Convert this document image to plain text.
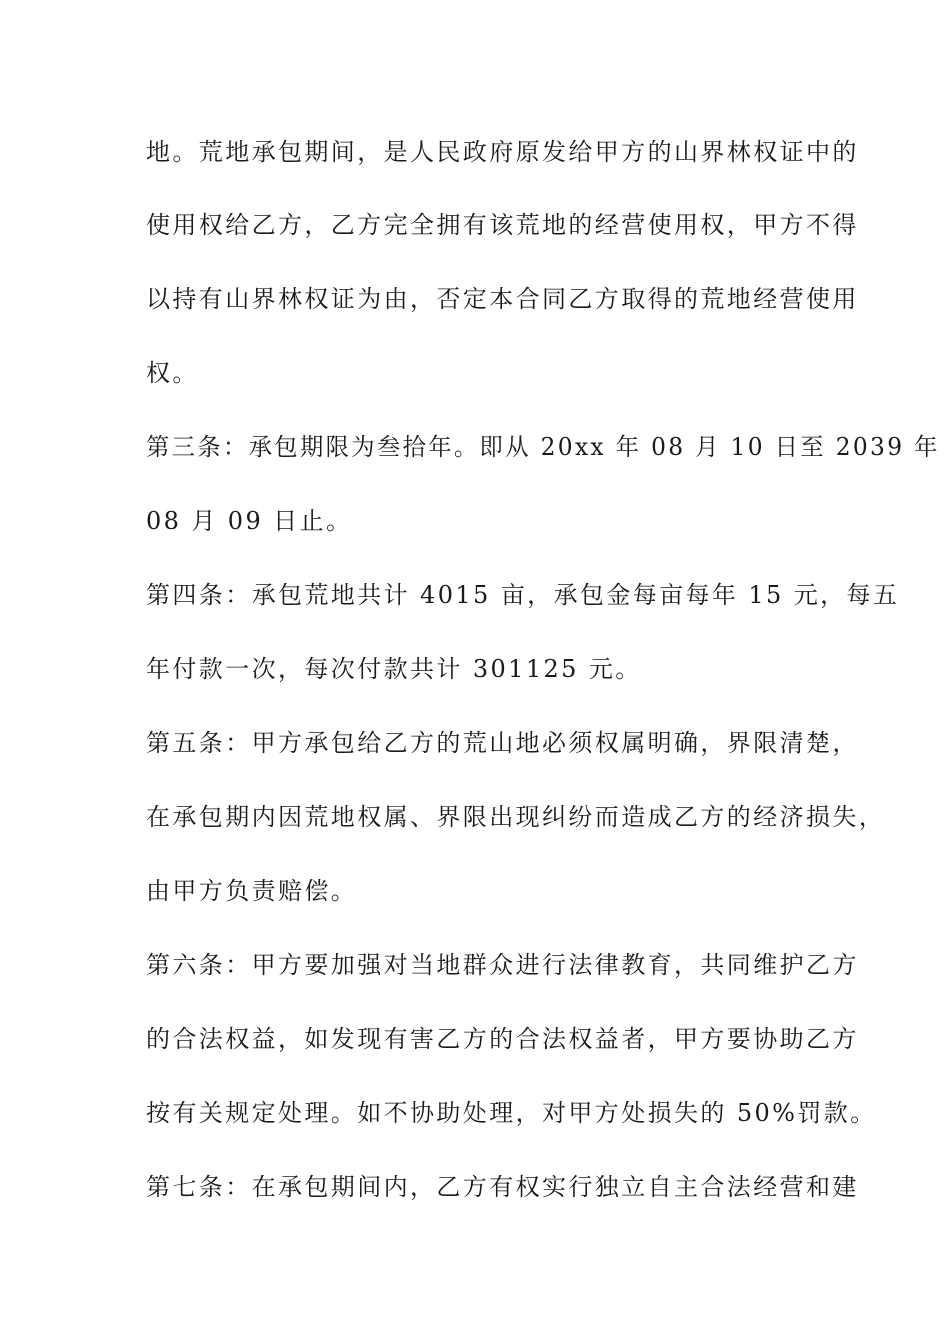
地。荒地承包期间，是人民政府原发给甲方的山界林权证中的
使用权给乙方，乙方完全拥有该荒地的经营使用权，甲方不得
以持有山界林权证为由，否定本合同乙方取得的荒地经营使用
权。
第三条：承包期限为叁拾年。即从 20xx 年 08 月 10 日至 2039 年
08 月 09 日止。
第四条：承包荒地共计 4015 亩，承包金每亩每年 15 元，每五
年付款一次，每次付款共计 301125 元。
第五条：甲方承包给乙方的荒山地必须权属明确，界限清楚，
在承包期内因荒地权属、界限出现纠纷而造成乙方的经济损失，
由甲方负责赔偿。
第六条：甲方要加强对当地群众进行法律教育，共同维护乙方
的合法权益，如发现有害乙方的合法权益者，甲方要协助乙方
按有关规定处理。如不协助处理，对甲方处损失的 50%罚款。
第七条：在承包期间内，乙方有权实行独立自主合法经营和建
